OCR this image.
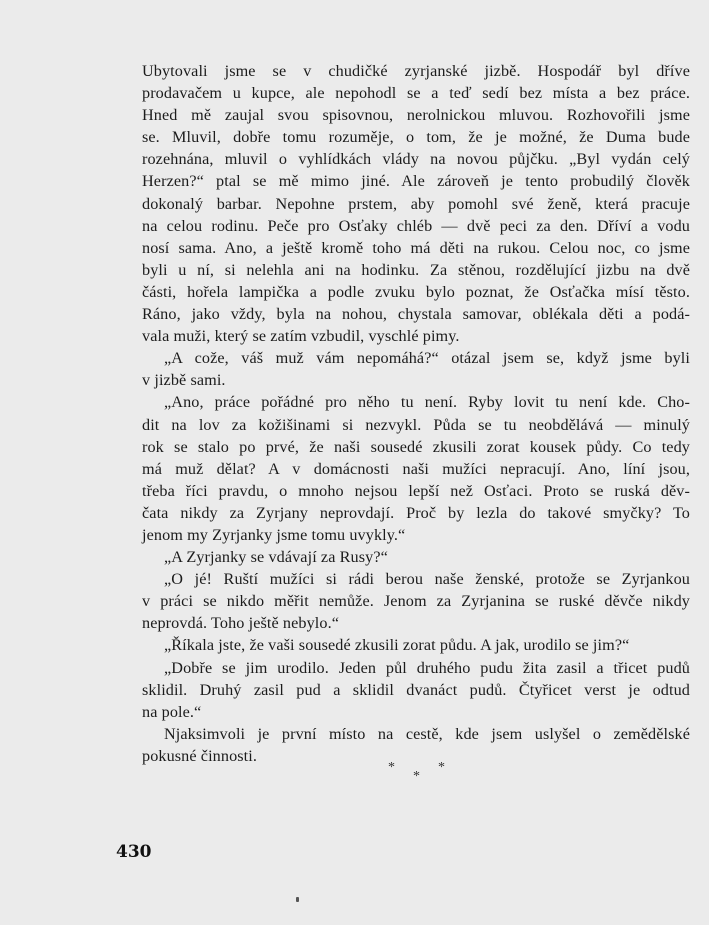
Ubytovali jsme se v chudičké zyrjanské jizbě. Hospodář byl dříve
prodavačem u kupce, ale nepohodl se a teď sedí bez místa a bez práce.
Hned mě zaujal svou spisovnou, nerolnickou mluvou. Rozhovořili jsme
se. Mluvil, dobře tomu rozuměje, o tom, že je možné, že Duma bude
rozehnána, mluvil o vyhlídkách vlády na novou půjčku. „Byl vydán celý
Herzen?“ ptal se mě mimo jiné. Ale zároveň je tento probudilý člověk
dokonalý barbar. Nepohne prstem, aby pomohl své ženě, která pracuje
na celou rodinu. Peče pro Osťaky chléb — dvě peci za den. Dříví a vodu
nosí sama. Ano, a ještě kromě toho má děti na rukou. Celou noc, co jsme
byli u ní, si nelehla ani na hodinku. Za stěnou, rozdělující jizbu na dvě
části, hořela lampička a podle zvuku bylo poznat, že Osťačka mísí těsto.
Ráno, jako vždy, byla na nohou, chystala samovar, oblékala děti a podá-
vala muži, který se zatím vzbudil, vyschlé pimy.

„A cože, váš muž vám nepomáhá?“ otázal jsem se, když jsme byli
v jizbě sami.

„Ano, práce pořádné pro něho tu není. Ryby lovit tu není kde. Cho-
dit na lov za kožišinami si nezvykl. Půda se tu neobdělává — minulý
rok se stalo po prvé, že naši sousedé zkusili zorat kousek půdy. Co tedy
má muž dělat? A v domácnosti naši mužíci nepracují. Ano, líní jsou,
třeba říci pravdu, o mnoho nejsou lepší než Osťaci. Proto se ruská děv-
čata nikdy za Zyrjany neprovdají. Proč by lezla do takové smyčky? To
jenom my Zyrjanky jsme tomu uvykly.“

„A Zyrjanky se vdávají za Rusy?“

„O jé! Ruští mužíci si rádi berou naše ženské, protože se Zyrjankou
v práci se nikdo měřit nemůže. Jenom za Zyrjanina se ruské děvče nikdy
neprovdá. Toho ještě nebylo.“

„Říkala jste, že vaši sousedé zkusili zorat půdu. A jak, urodilo se jim?“

„Dobře se jim urodilo. Jeden půl druhého pudu žita zasil a třicet pudů
sklidil. Druhý zasil pud a sklidil dvanáct pudů. Čtyřicet verst je odtud
na pole.“

Njaksimvoli je první místo na cestě, kde jsem uslyšel o zemědělské
pokusné činnosti.

*
*
*
430
